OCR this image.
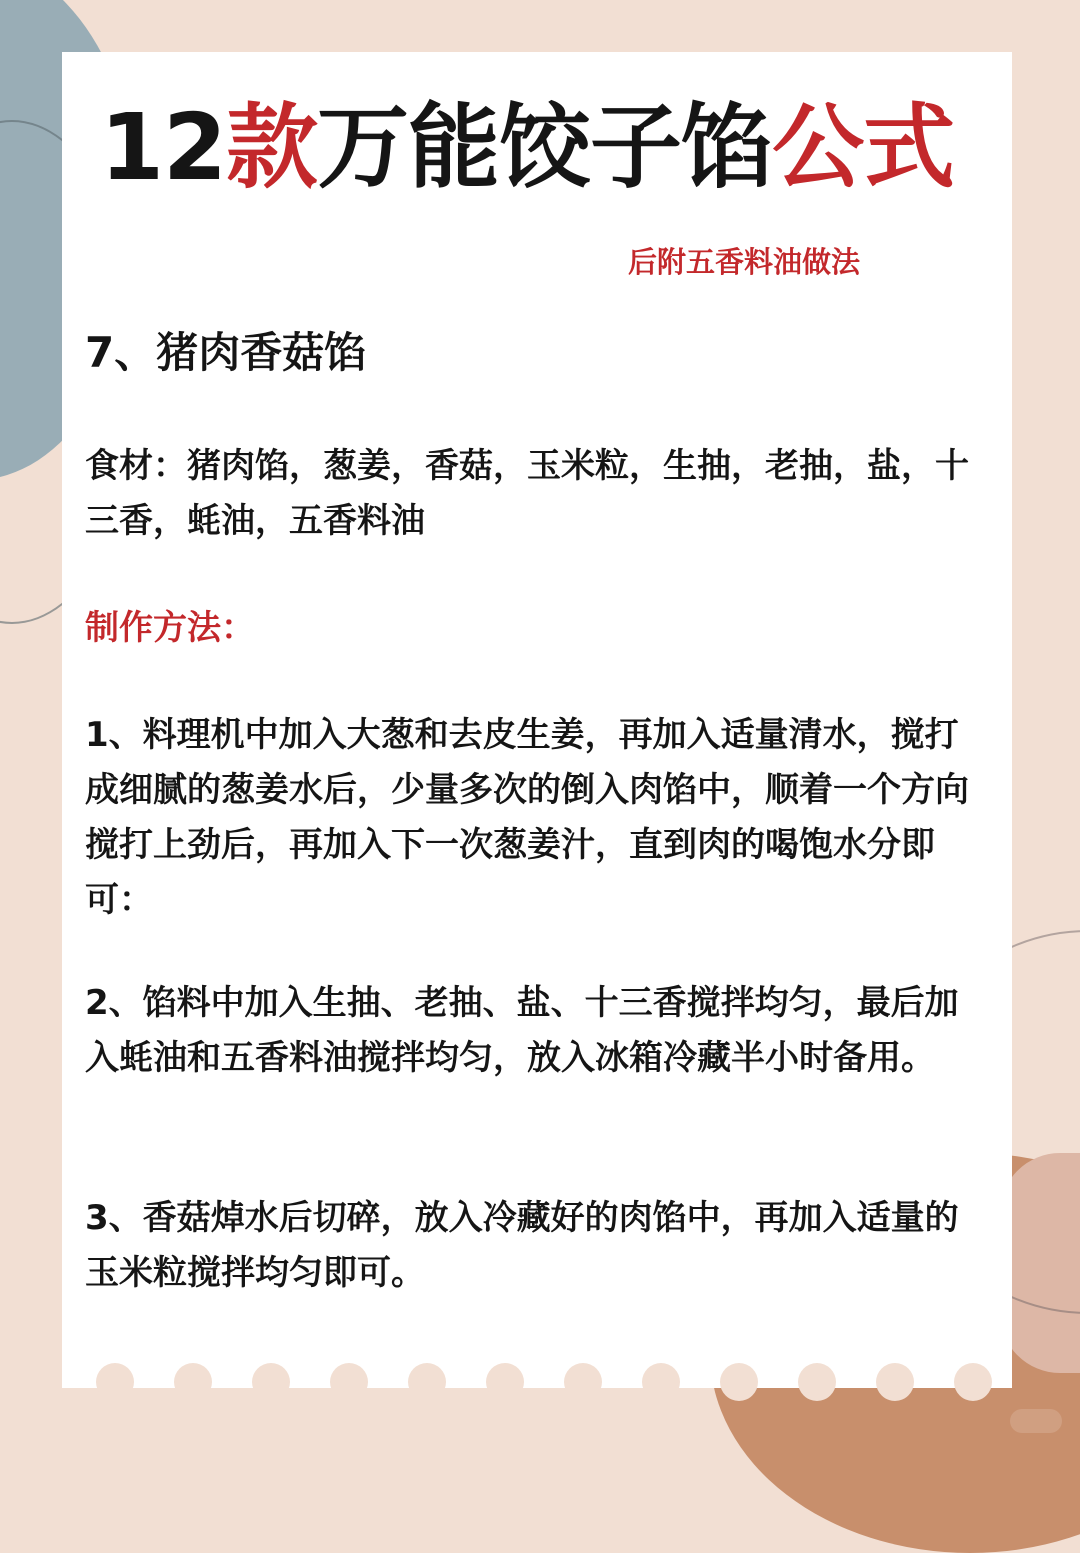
12款万能饺子馅公式
后附五香料油做法
7、猪肉香菇馅
食材：猪肉馅，葱姜，香菇，玉米粒，生抽，老抽，盐，十三香，蚝油，五香料油
制作方法：
1、料理机中加入大葱和去皮生姜，再加入适量清水，搅打成细腻的葱姜水后，少量多次的倒入肉馅中，顺着一个方向搅打上劲后，再加入下一次葱姜汁，直到肉的喝饱水分即可：
2、馅料中加入生抽、老抽、盐、十三香搅拌均匀，最后加入蚝油和五香料油搅拌均匀，放入冰箱冷藏半小时备用。
3、香菇焯水后切碎，放入冷藏好的肉馅中，再加入适量的玉米粒搅拌均匀即可。
